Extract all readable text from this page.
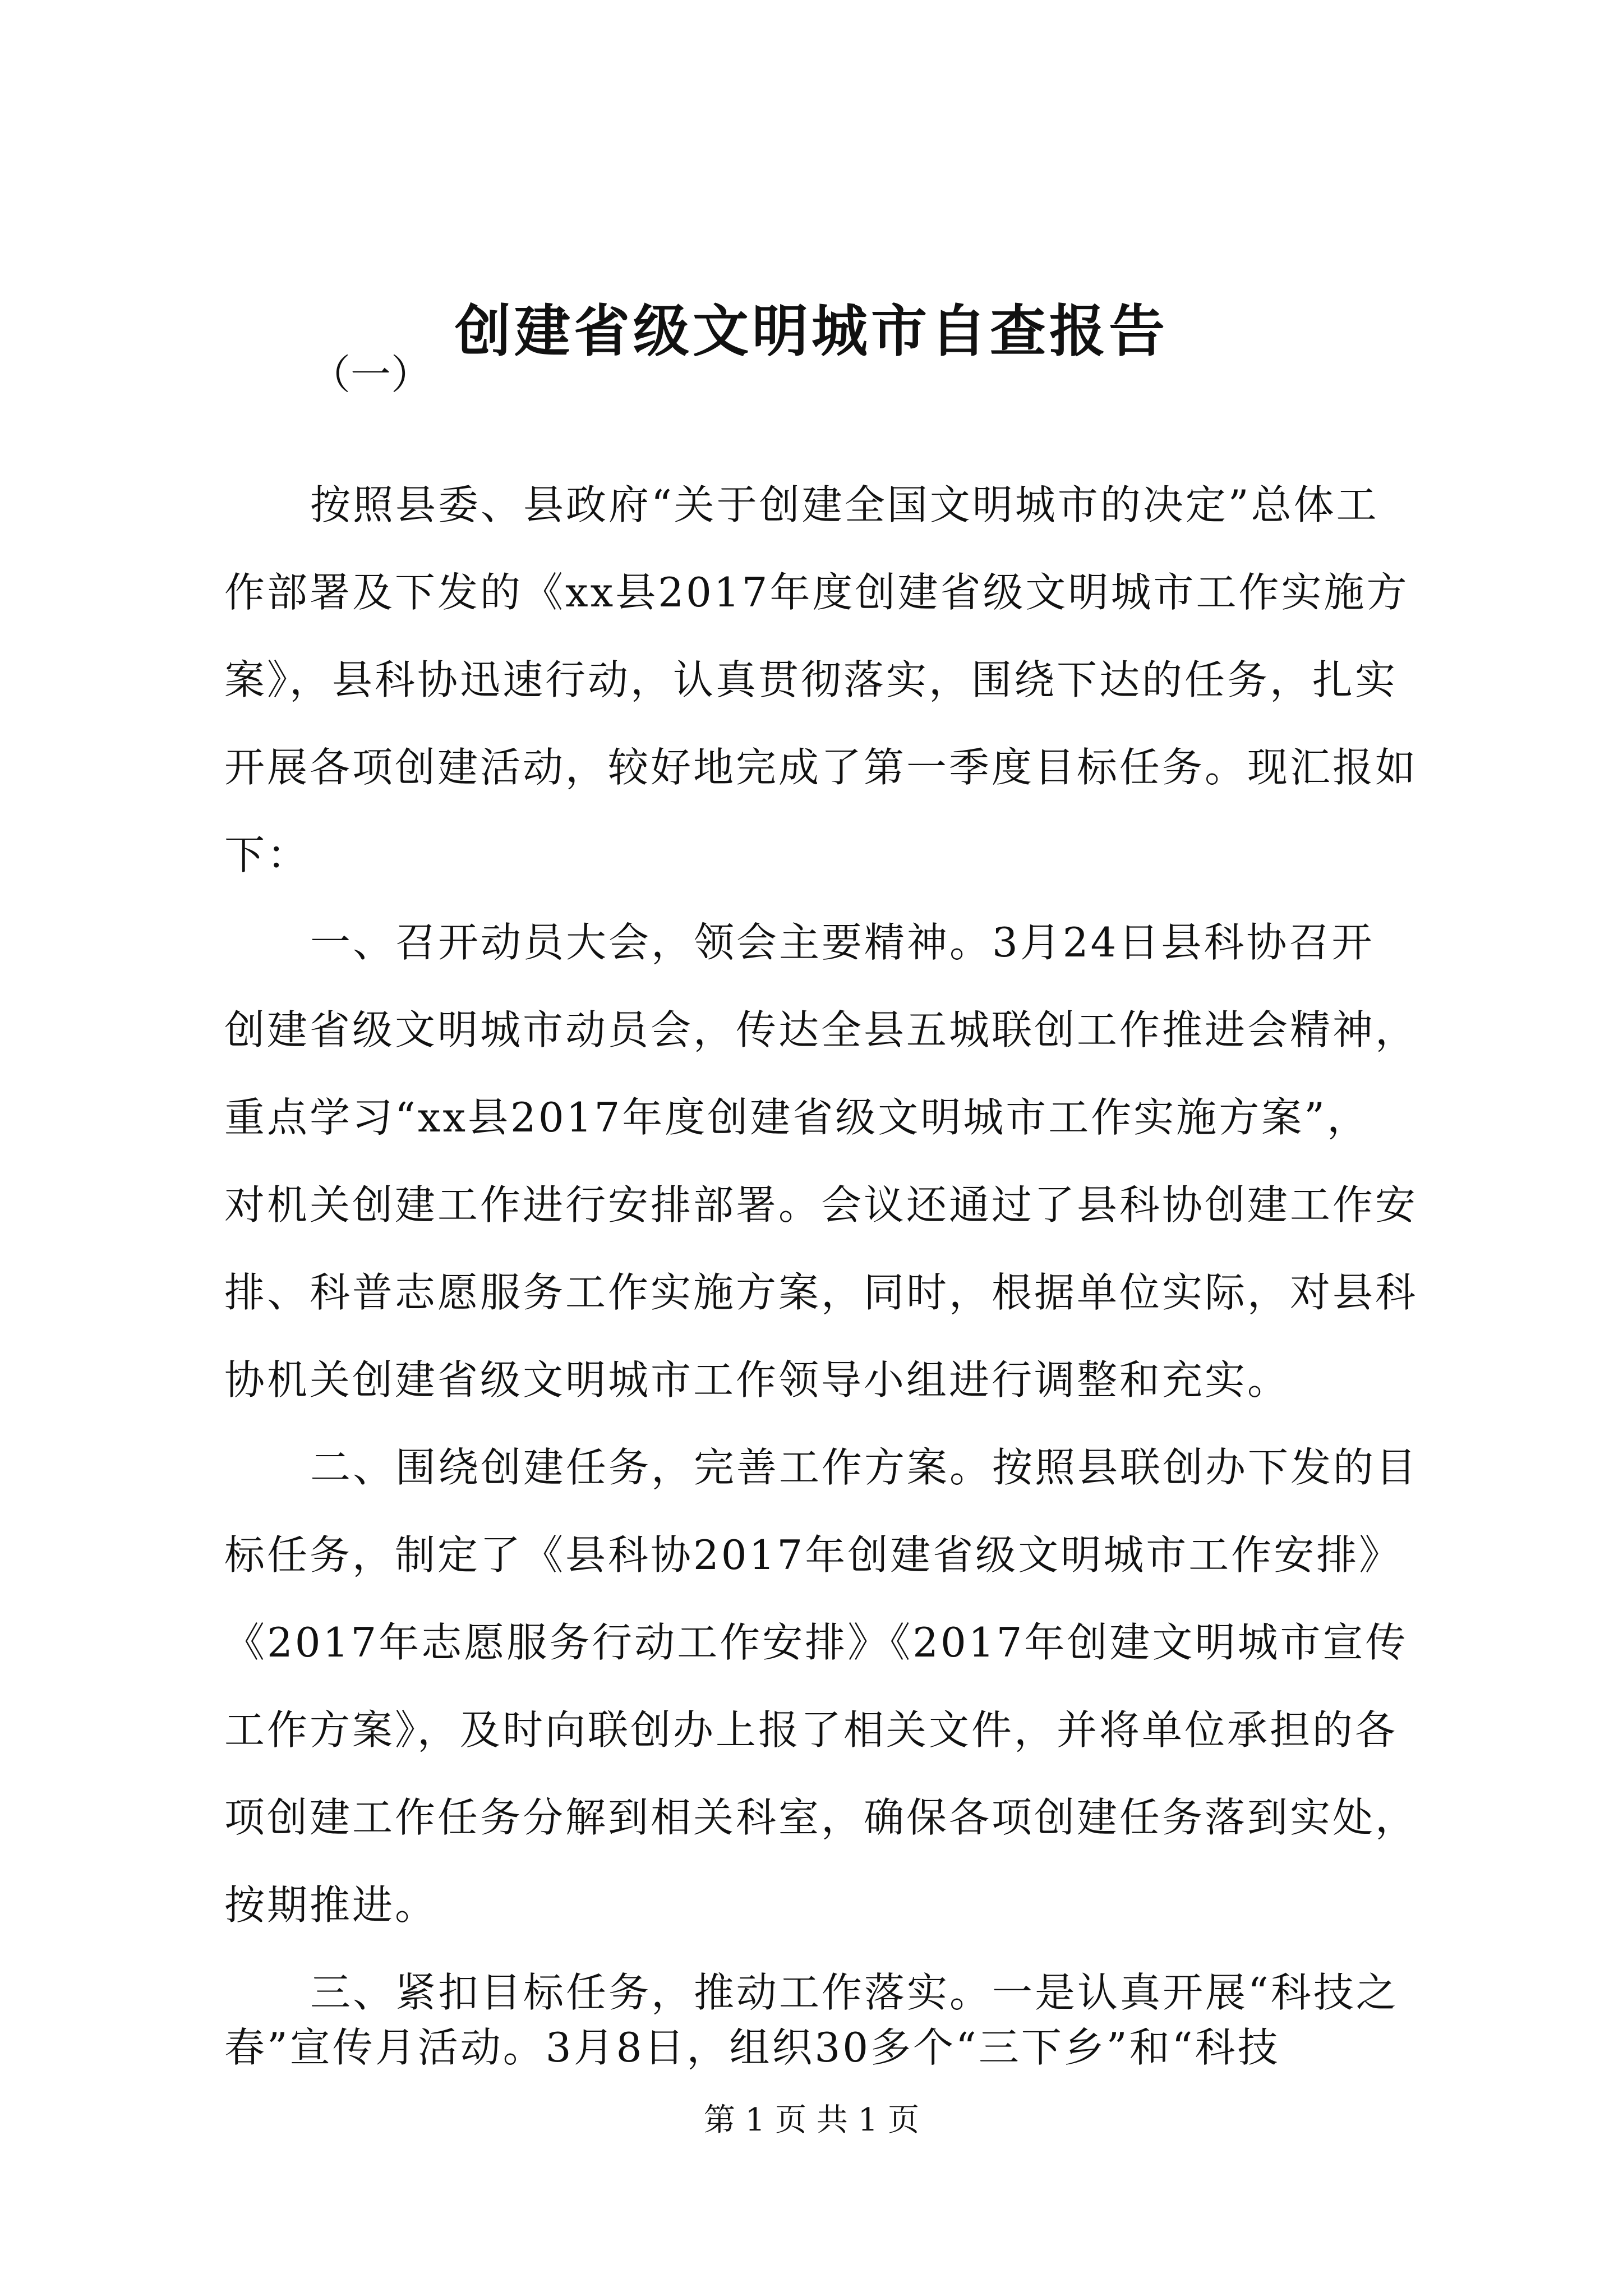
创建省级文明城市自查报告
（一）
按照县委、县政府“关于创建全国文明城市的决定”总体工
作部署及下发的《xx县2017年度创建省级文明城市工作实施方
案》，县科协迅速行动，认真贯彻落实，围绕下达的任务，扎实
开展各项创建活动，较好地完成了第一季度目标任务。现汇报如
下：
一、召开动员大会，领会主要精神。3月24日县科协召开
创建省级文明城市动员会，传达全县五城联创工作推进会精神，
重点学习“xx县2017年度创建省级文明城市工作实施方案”，
对机关创建工作进行安排部署。会议还通过了县科协创建工作安
排、科普志愿服务工作实施方案，同时，根据单位实际，对县科
协机关创建省级文明城市工作领导小组进行调整和充实。
二、围绕创建任务，完善工作方案。按照县联创办下发的目
标任务，制定了《县科协2017年创建省级文明城市工作安排》
《2017年志愿服务行动工作安排》《2017年创建文明城市宣传
工作方案》，及时向联创办上报了相关文件，并将单位承担的各
项创建工作任务分解到相关科室，确保各项创建任务落到实处，
按期推进。
三、紧扣目标任务，推动工作落实。一是认真开展“科技之
春”宣传月活动。3月8日，组织30多个“三下乡”和“科技
第 1 页 共 1 页
